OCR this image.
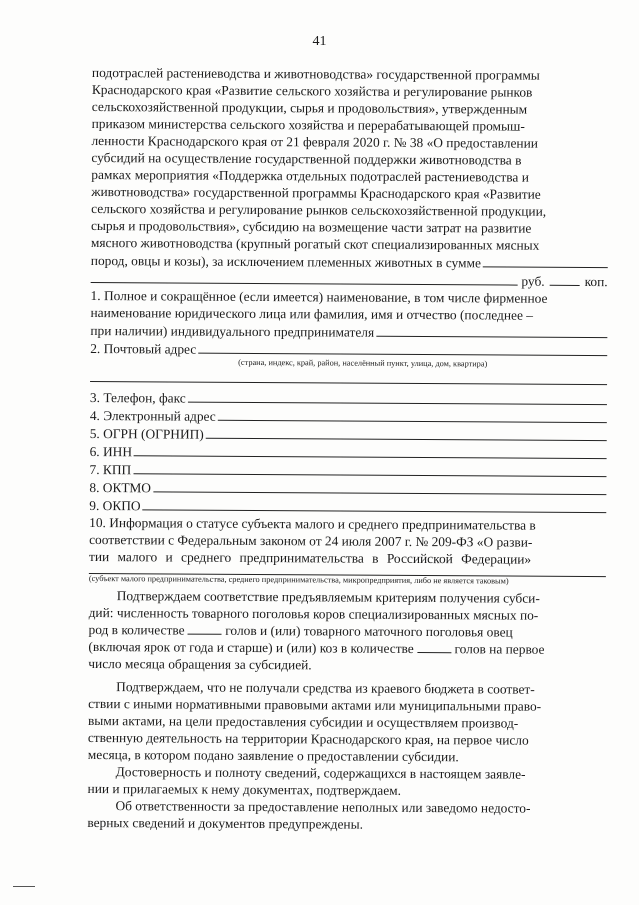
41
подотраслей растениеводства и животноводства» государственной программы
Краснодарского края «Развитие сельского хозяйства и регулирование рынков
сельскохозяйственной продукции, сырья и продовольствия», утвержденным
приказом министерства сельского хозяйства и перерабатывающей промыш-
ленности Краснодарского края от 21 февраля 2020 г. № 38 «О предоставлении
субсидий на осуществление государственной поддержки животноводства в
рамках мероприятия «Поддержка отдельных подотраслей растениеводства и
животноводства» государственной программы Краснодарского края «Развитие
сельского хозяйства и регулирование рынков сельскохозяйственной продукции,
сырья и продовольствия», субсидию на возмещение части затрат на развитие
мясного животноводства (крупный рогатый скот специализированных мясных
пород, овцы и козы), за исключением племенных животных в сумме
руб.	коп.
1. Полное и сокращённое (если имеется) наименование, в том числе фирменное
наименование юридического лица или фамилия, имя и отчество (последнее –
при наличии) индивидуального предпринимателя
2. Почтовый адрес
(страна, индекс, край, район, населённый пункт, улица, дом, квартира)
3. Телефон, факс
4. Электронный адрес
5. ОГРН (ОГРНИП)
6. ИНН
7. КПП
8. ОКТМО
9. ОКПО
10. Информация о статусе субъекта малого и среднего предпринимательства в
соответствии с Федеральным законом от 24 июля 2007 г. № 209-ФЗ «О разви-
тии малого и среднего предпринимательства в Российской Федерации»
(субъект малого предпринимательства, среднего предпринимательства, микропредприятия, либо не является таковым)
Подтверждаем соответствие предъявляемым критериям получения субси-
дий: численность товарного поголовья коров специализированных мясных по-
род в количестве	голов и (или) товарного маточного поголовья овец
(включая ярок от года и старше) и (или) коз в количестве	голов на первое
число месяца обращения за субсидией.
Подтверждаем, что не получали средства из краевого бюджета в соответ-
ствии с иными нормативными правовыми актами или муниципальными право-
выми актами, на цели предоставления субсидии и осуществляем производ-
ственную деятельность на территории Краснодарского края, на первое число
месяца, в котором подано заявление о предоставлении субсидии.
Достоверность и полноту сведений, содержащихся в настоящем заявле-
нии и прилагаемых к нему документах, подтверждаем.
Об ответственности за предоставление неполных или заведомо недосто-
верных сведений и документов предупреждены.
